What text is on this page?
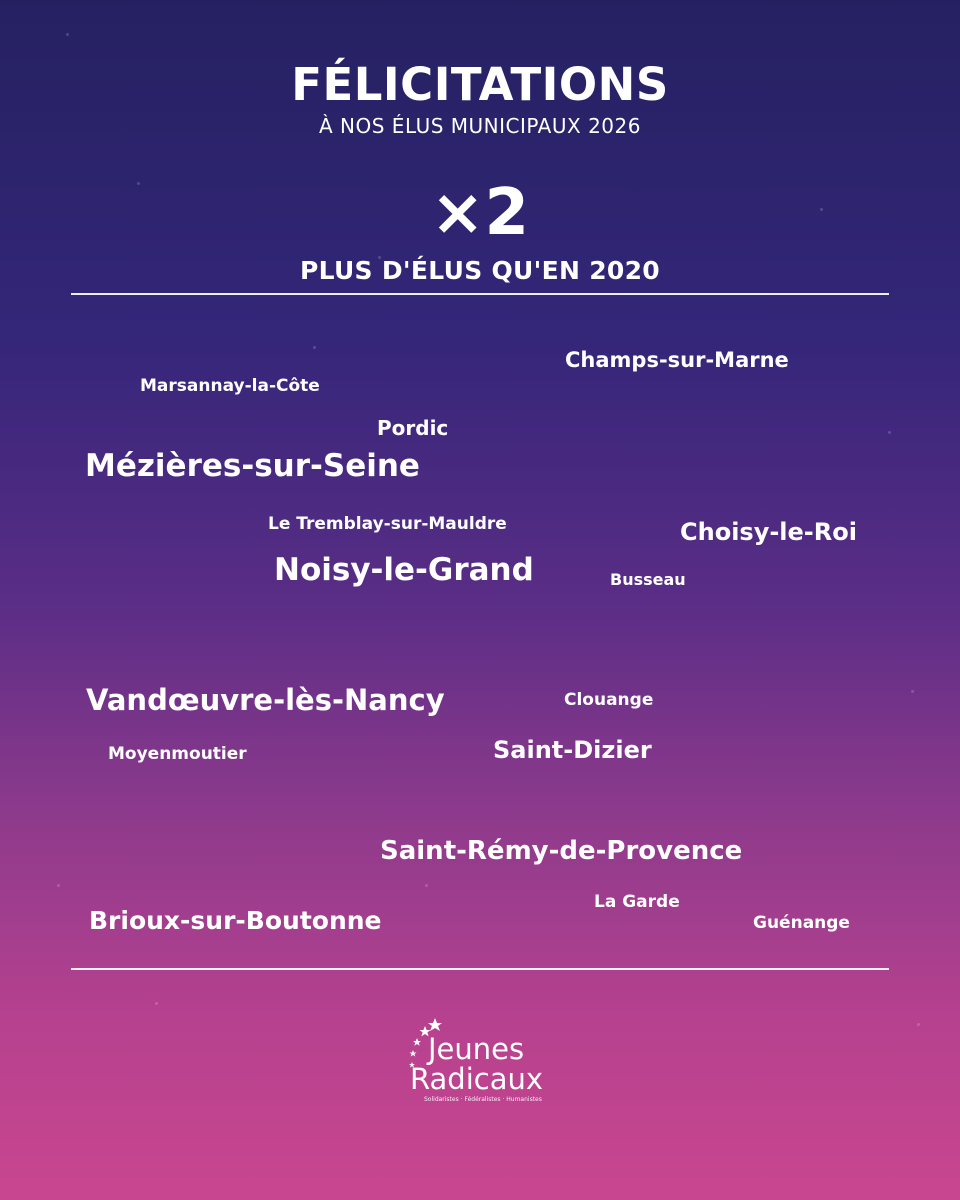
FÉLICITATIONS
À NOS ÉLUS MUNICIPAUX 2026
×2
PLUS D'ÉLUS QU'EN 2020
Champs-sur-Marne
Marsannay-la-Côte
Pordic
Mézières-sur-Seine
Le Tremblay-sur-Mauldre	Choisy-le-Roi
Noisy-le-Grand	Busseau
Vandœuvre-lès-Nancy	Clouange
Moyenmoutier	Saint-Dizier
Saint-Rémy-de-Provence
La Garde
Brioux-sur-Boutonne	Guénange
Jeunes
Radicaux
Solidaristes · Fédéralistes · Humanistes
